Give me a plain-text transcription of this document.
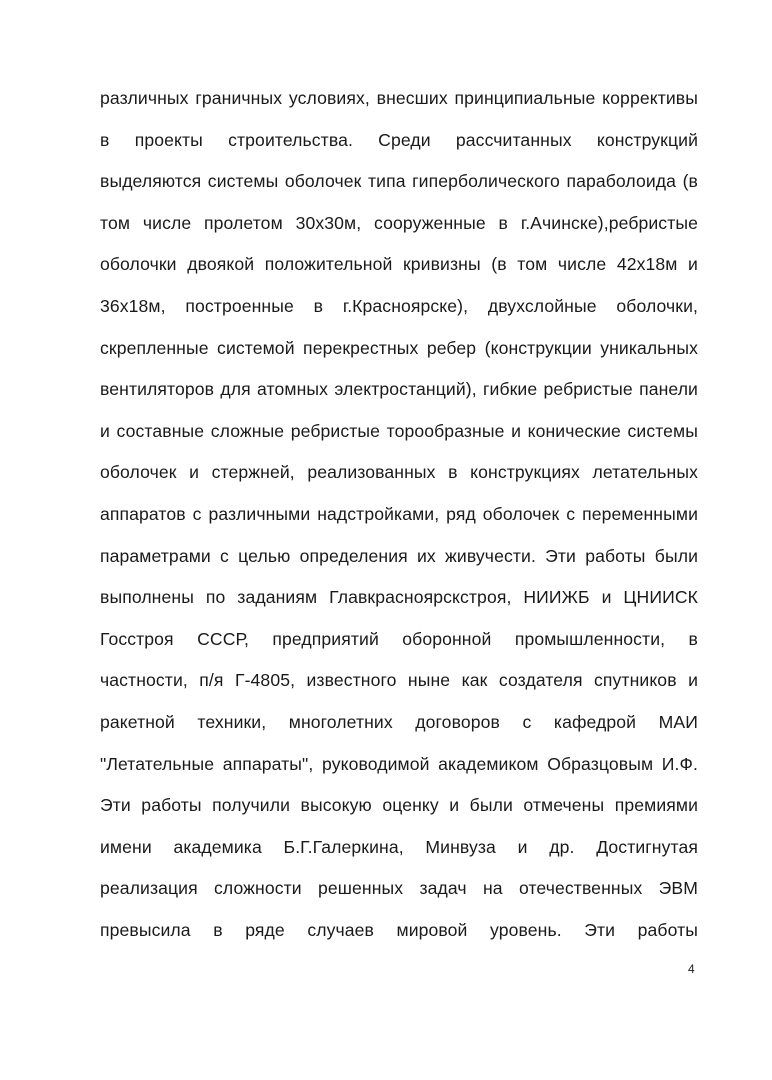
различных граничных условиях, внесших принципиальные коррективы
в проекты строительства. Среди рассчитанных конструкций
выделяются системы оболочек типа гиперболического параболоида (в
том числе пролетом 30х30м, сооруженные в г.Ачинске),ребристые
оболочки двоякой положительной кривизны (в том числе 42х18м и
36х18м, построенные в г.Красноярске), двухслойные оболочки,
скрепленные системой перекрестных ребер (конструкции уникальных
вентиляторов для атомных электростанций), гибкие ребристые панели
и составные сложные ребристые торообразные и конические системы
оболочек и стержней, реализованных в конструкциях летательных
аппаратов с различными надстройками, ряд оболочек с переменными
параметрами с целью определения их живучести. Эти работы были
выполнены по заданиям Главкрасноярскстроя, НИИЖБ и ЦНИИСК
Госстроя СССР, предприятий оборонной промышленности, в
частности, п/я Г-4805, известного ныне как создателя спутников и
ракетной техники, многолетних договоров с кафедрой МАИ
"Летательные аппараты", руководимой академиком Образцовым И.Ф.
Эти работы получили высокую оценку и были отмечены премиями
имени академика Б.Г.Галеркина, Минвуза и др. Достигнутая
реализация сложности решенных задач на отечественных ЭВМ
превысила в ряде случаев мировой уровень. Эти работы
4
